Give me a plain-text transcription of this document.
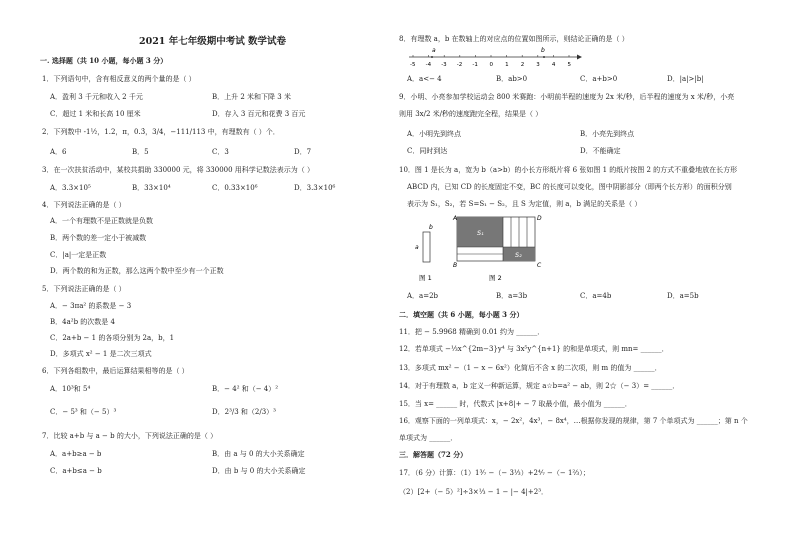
2021 年七年级期中考试 数学试卷
一. 选择题（共 10 小题，每小题 3 分）
1．下列语句中，含有相反意义的两个量的是（ ）
A．盈利 3 千元和收入 2 千元	B．上升 2 米和下降 3 米
C．超过 1 米和长高 10 厘米	D．存入 3 百元和花费 3 百元
2．下列数中 -1½，1.2，π，0.3̇，3/4，−111/113 中，有理数有（ ）个．
A．6	B．5	C．3	D．7
3．在一次扶贫活动中，某校共捐助 330000 元，将 330000 用科学记数法表示为（ ）
A．3.3×10⁵	B．33×10⁴	C．0.33×10⁶	D．3.3×10⁶
4．下列说法正确的是（ ）
A．一个有理数不是正数就是负数
B．两个数的差一定小于被减数
C．|a|一定是正数
D．两个数的和为正数，那么这两个数中至少有一个正数
5．下列说法正确的是（ ）
A．− 3πa² 的系数是 − 3
B．4a²b 的次数是 4
C．2a+b − 1 的各项分别为 2a，b，1
D．多项式 x² − 1 是二次三项式
6．下列各组数中，最后运算结果相等的是（ ）
A．10³和 5⁴	B．− 4² 和（− 4）²
C．− 5³ 和（− 5）³	D．2³/3 和（2/3）³
7．比较 a+b 与 a − b 的大小，下列说法正确的是（ ）
A．a+b≥a − b	B．由 a 与 0 的大小关系确定
C．a+b≤a − b	D．由 b 与 0 的大小关系确定
8．有理数 a，b 在数轴上的对应点的位置如图所示，则结论正确的是（ ）
-5 -4 -3 -2 -1 0 1 2 3 4 5
a	b
A．a<− 4	B．ab>0	C．a+b>0	D．|a|>|b|
9．小明、小亮参加学校运动会 800 米赛跑：小明前半程的速度为 2x 米/秒，后半程的速度为 x 米/秒，小亮
则用 3x/2 米/秒的速度跑完全程，结果是（ ）
A．小明先到终点	B．小亮先到终点
C．同时到达	D．不能确定
10．图 1 是长为 a，宽为 b（a>b）的小长方形纸片将 6 张如图 1 的纸片按图 2 的方式不重叠地放在长方形
ABCD 内，已知 CD 的长度固定不变，BC 的长度可以变化，图中阴影部分（即两个长方形）的面积分别
表示为 S₁，S₂，若 S=S₁ − S₂，且 S 为定值，则 a，b 满足的关系是（ ）
b
a
图 1
A	D
B	C
S₁
S₂
图 2
A．a=2b	B．a=3b	C．a=4b	D．a=5b
二．填空题（共 6 小题，每小题 3 分）
11．把 − 5.9968 精确到 0.01 约为 ______．
12．若单项式 −⅓x^{2m−3}y⁴ 与 3x⁵y^{n+1} 的和是单项式，则 mn= ______．
13．多项式 mx² −（1 − x − 6x²）化简后不含 x 的二次项，则 m 的值为 ______．
14．对于有理数 a，b 定义一种新运算，规定 a☆b=a² − ab，则 2☆（− 3）= ______．
15．当 x= ______ 时，代数式 |x+8|+ − 7 取最小值，最小值为 ______．
16．观察下面的一列单项式：x，− 2x²，4x³，− 8x⁴，…根据你发现的规律，第 7 个单项式为 ______；第 n 个
单项式为 ______．
三．解答题（72 分）
17．（6 分）计算：（1）1³⁄₇ −（− 3⅓）+2⁴⁄₇ −（− 1⅔）；
（2）[2+（− 5）²]÷3×⅓ − 1 − |− 4|+2³．
